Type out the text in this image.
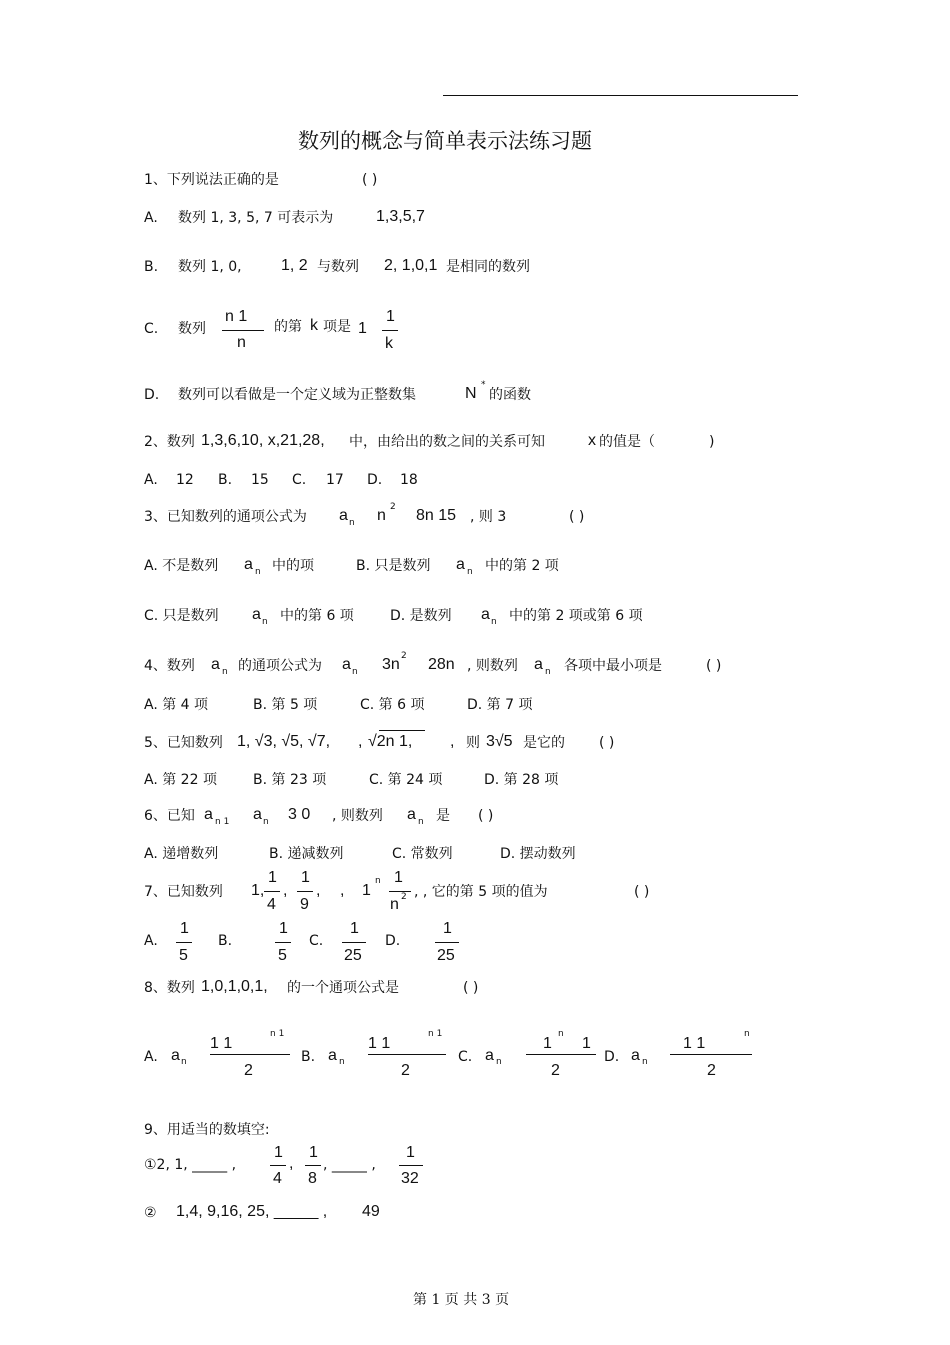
数列的概念与简单表示法练习题
1、下列说法正确的是	( )
A. 数列 1, 3, 5, 7 可表示为	1,3,5,7
B. 数列 1, 0, 1, 2 与数列 2, 1,0,1 是相同的数列
C. 数列
n 1
n
的第 k 项是 1
1
k
D. 数列可以看做是一个定义域为正整数集	N *
的函数
2、数列 1,3,6,10, x,21,28, 中，由给出的数之间的关系可知	x 的值是（	)
A. 12 B. 15 C. 17 D. 18
3、已知数列的通项公式为 a n n 2 8n 15 , 则 3	( )
A. 不是数列 a n 中的项	B. 只是数列 a n 中的第 2 项
C. 只是数列 a n 中的第 6 项	D. 是数列 a n 中的第 2 项或第 6 项
4、数列 a n 的通项公式为 a n 3n 2 28n , 则数列 a n 各项中最小项是	( )
A. 第 4 项	B. 第 5 项	C. 第 6 项	D. 第 7 项
5、已知数列 1, √3, √5, √7, , √2n 1, , 则 3√5 是它的 ( )
A. 第 22 项	B. 第 23 项	C. 第 24 项	D. 第 28 项
6、已知 a n 1 a n 3 0 , 则数列 a n 是 ( )
A. 递增数列	B. 递减数列	C. 常数列	D. 摆动数列
7、已知数列 1,
1
4
,
1
9
, , 1
n 1
n 2 , , 它的第 5 项的值为	( )
A.
1
5
B.
1
5
C.
1
25
D.
1
25
8、数列 1,0,1,0,1, 的一个通项公式是	( )
A. a n
1 1
n 1
2
B. a n
1 1
n 1
2
C. a n
1
n
1
2
D. a n
1 1
n
2
9、用适当的数填空:
①2, 1, _____ ,
1
4
,
1
8
, _____ ,
1
32
② 1,4, 9,16, 25, _____ , 49
第 1 页 共 3 页
